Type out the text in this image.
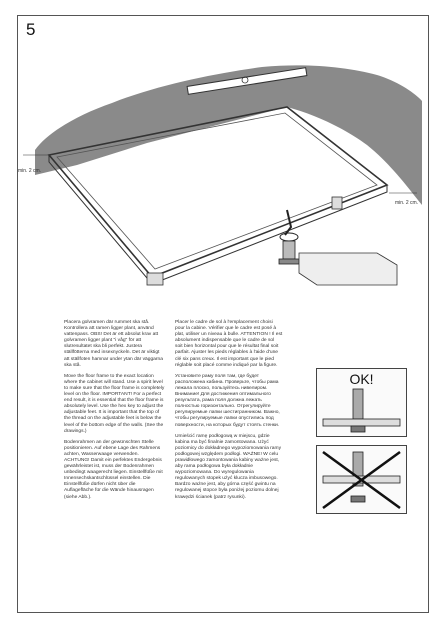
5
min. 2 cm.
min. 2 cm.

Placera golvramen där rummet ska stå. Kontrollera att ramen ligger plant, använd vattenpass. OBS! Det är ett absolut krav att golvramen ligger plant "i våg" för att slutresultatet ska bli perfekt. Justera ställfötterna med insexnyckeln. Det är viktigt att ställfoten hamnar under ytan där väggarna ska stå.

Move the floor frame to the exact location where the cabinet will stand. Use a spirit level to make sure that the floor frame is completely level on the floor. IMPORTANT! For a perfect end result, it is essential that the floor frame is absolutely level. Use the hex key to adjust the adjustable feet. It is important that the top of the thread on the adjustable feet is below the level of the bottom edge of the walls. (See the drawings.)

Bodenrahmen an der gewünschten Stelle positionieren. Auf ebene Lage des Rahmens achten, Wasserwaage verwenden. ACHTUNG! Damit ein perfektes Endergebnis gewährleistet ist, muss der Bodenrahmen unbedingt waagerecht liegen. Einstellfüße mit Innensechskantschlüssel einstellen. Die Einstellfüße dürfen nicht über die Auflagefläche für die Wände hinausragen (siehe Abb.).

Placer le cadre de sol à l'emplacement choisi pour la cabine. Vérifier que le cadre est posé à plat, utiliser un niveau à bulle. ATTENTION ! Il est absolument indispensable que le cadre de sol soit bien horizontal pour que le résultat final soit parfait. Ajuster les pieds réglables à l'aide d'une clé six pans creux. Il est important que le pied réglable soit placé comme indiqué par la figure.

Установите раму поля там, где будет расположена кабина. Проверьте, чтобы рама лежала плоско, пользуйтесь нивелиром. Внимание! Для достижения оптимального результата, рама поля должна лежать полностью горизонтально. Отрегулируйте регулируемые лапки шестигранником. Важно, чтобы регулируемые лапки опустились под поверхности, на которых будут стоять стенки.

Umieścić ramę podłogową w miejscu, gdzie kabina ma być finalnie zamontowana. Użyć poziomicy do dokładnego wypoziomowania ramy podłogowej względem podłogi. WAŻNE! W celu prawidłowego zamontowania kabiny ważne jest, aby rama podłogowa była dokładnie wypoziomowana. Do wyregulowania regulowanych stopek użyć klucza imbusowego. Bardzo ważne jest, aby górna część gwintu na regulowanej stopce była poniżej poziomu dolnej krawędzi ścianek (patrz rysunki).

OK!
